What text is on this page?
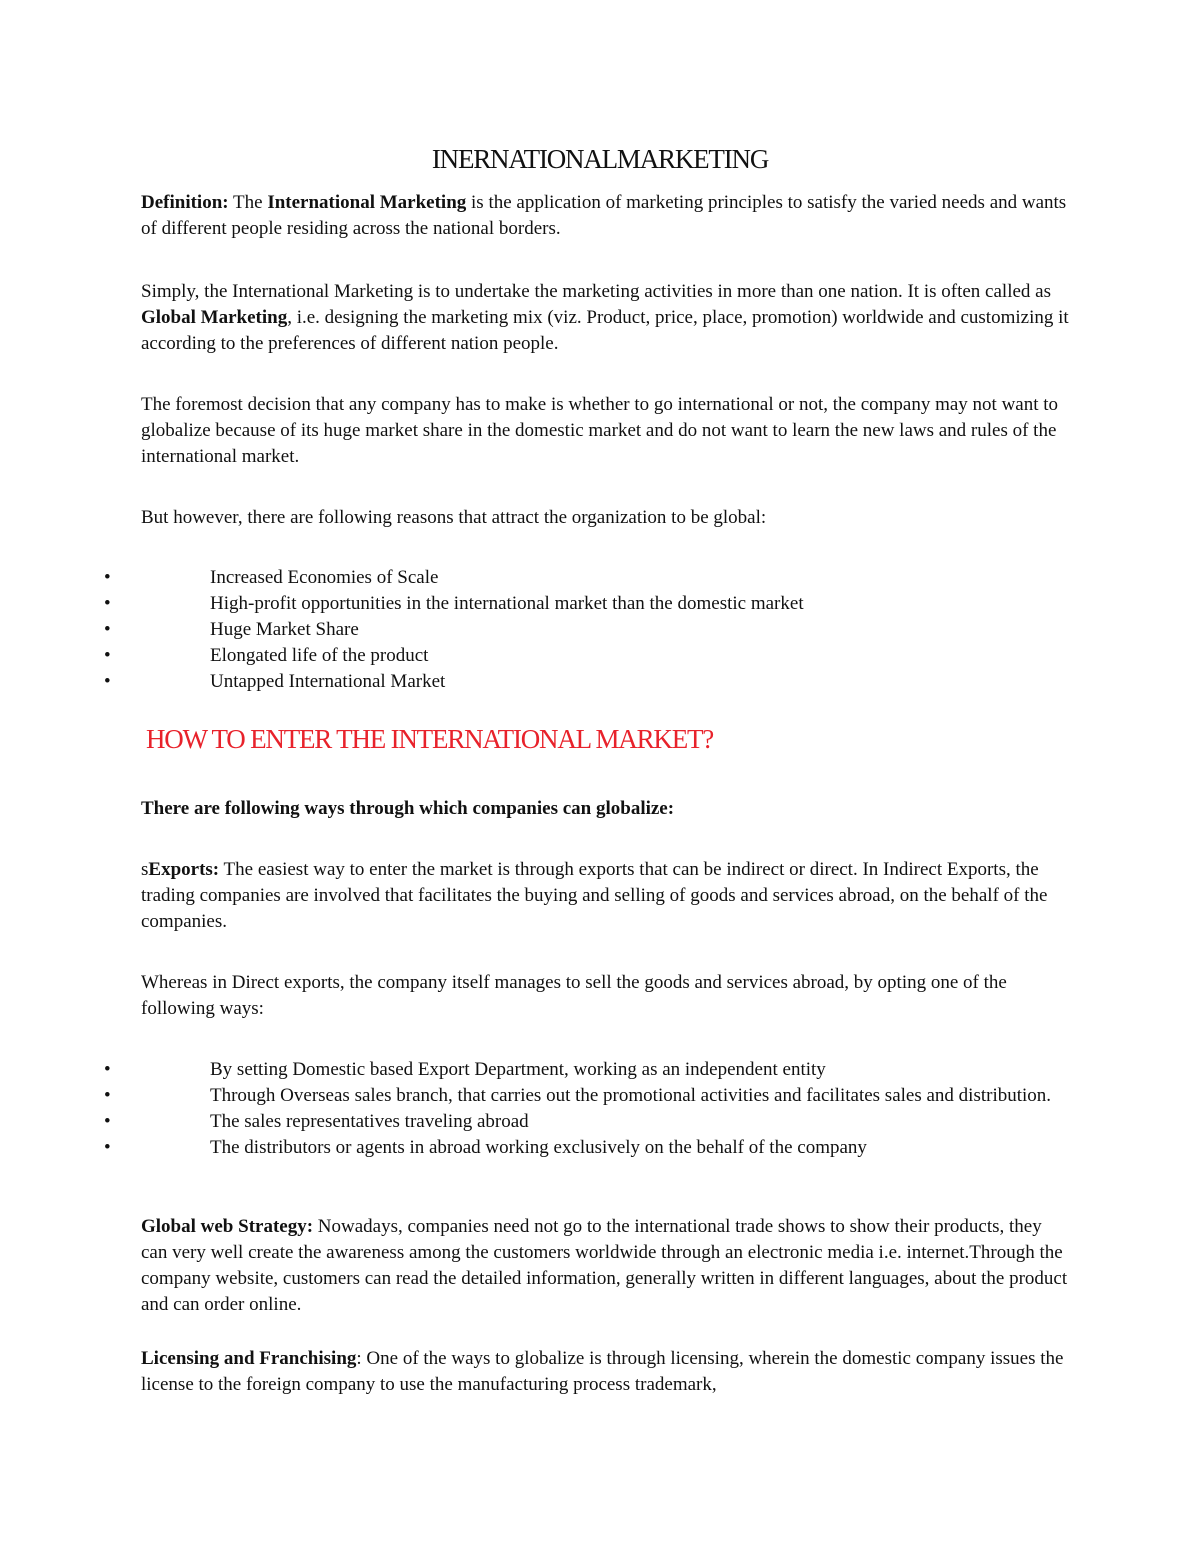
INERNATIONALMARKETING

Definition: The International Marketing is the application of marketing principles to satisfy the varied needs and wants of different people residing across the national borders.

Simply, the International Marketing is to undertake the marketing activities in more than one nation. It is often called as Global Marketing, i.e. designing the marketing mix (viz. Product, price, place, promotion) worldwide and customizing it according to the preferences of different nation people.

The foremost decision that any company has to make is whether to go international or not, the company may not want to globalize because of its huge market share in the domestic market and do not want to learn the new laws and rules of the international market.

But however, there are following reasons that attract the organization to be global:

•	Increased Economies of Scale
•	High-profit opportunities in the international market than the domestic market
•	Huge Market Share
•	Elongated life of the product
•	Untapped International Market
HOW TO ENTER THE INTERNATIONAL MARKET?

There are following ways through which companies can globalize:

sExports: The easiest way to enter the market is through exports that can be indirect or direct. In Indirect Exports, the trading companies are involved that facilitates the buying and selling of goods and services abroad, on the behalf of the companies.

Whereas in Direct exports, the company itself manages to sell the goods and services abroad, by opting one of the following ways:

•	By setting Domestic based Export Department, working as an independent entity
•	Through Overseas sales branch, that carries out the promotional activities and facilitates sales and distribution.
•	The sales representatives traveling abroad
•	The distributors or agents in abroad working exclusively on the behalf of the company

Global web Strategy: Nowadays, companies need not go to the international trade shows to show their products, they can very well create the awareness among the customers worldwide through an electronic media i.e. internet.Through the company website, customers can read the detailed information, generally written in different languages, about the product and can order online.

Licensing and Franchising: One of the ways to globalize is through licensing, wherein the domestic company issues the license to the foreign company to use the manufacturing process trademark,
